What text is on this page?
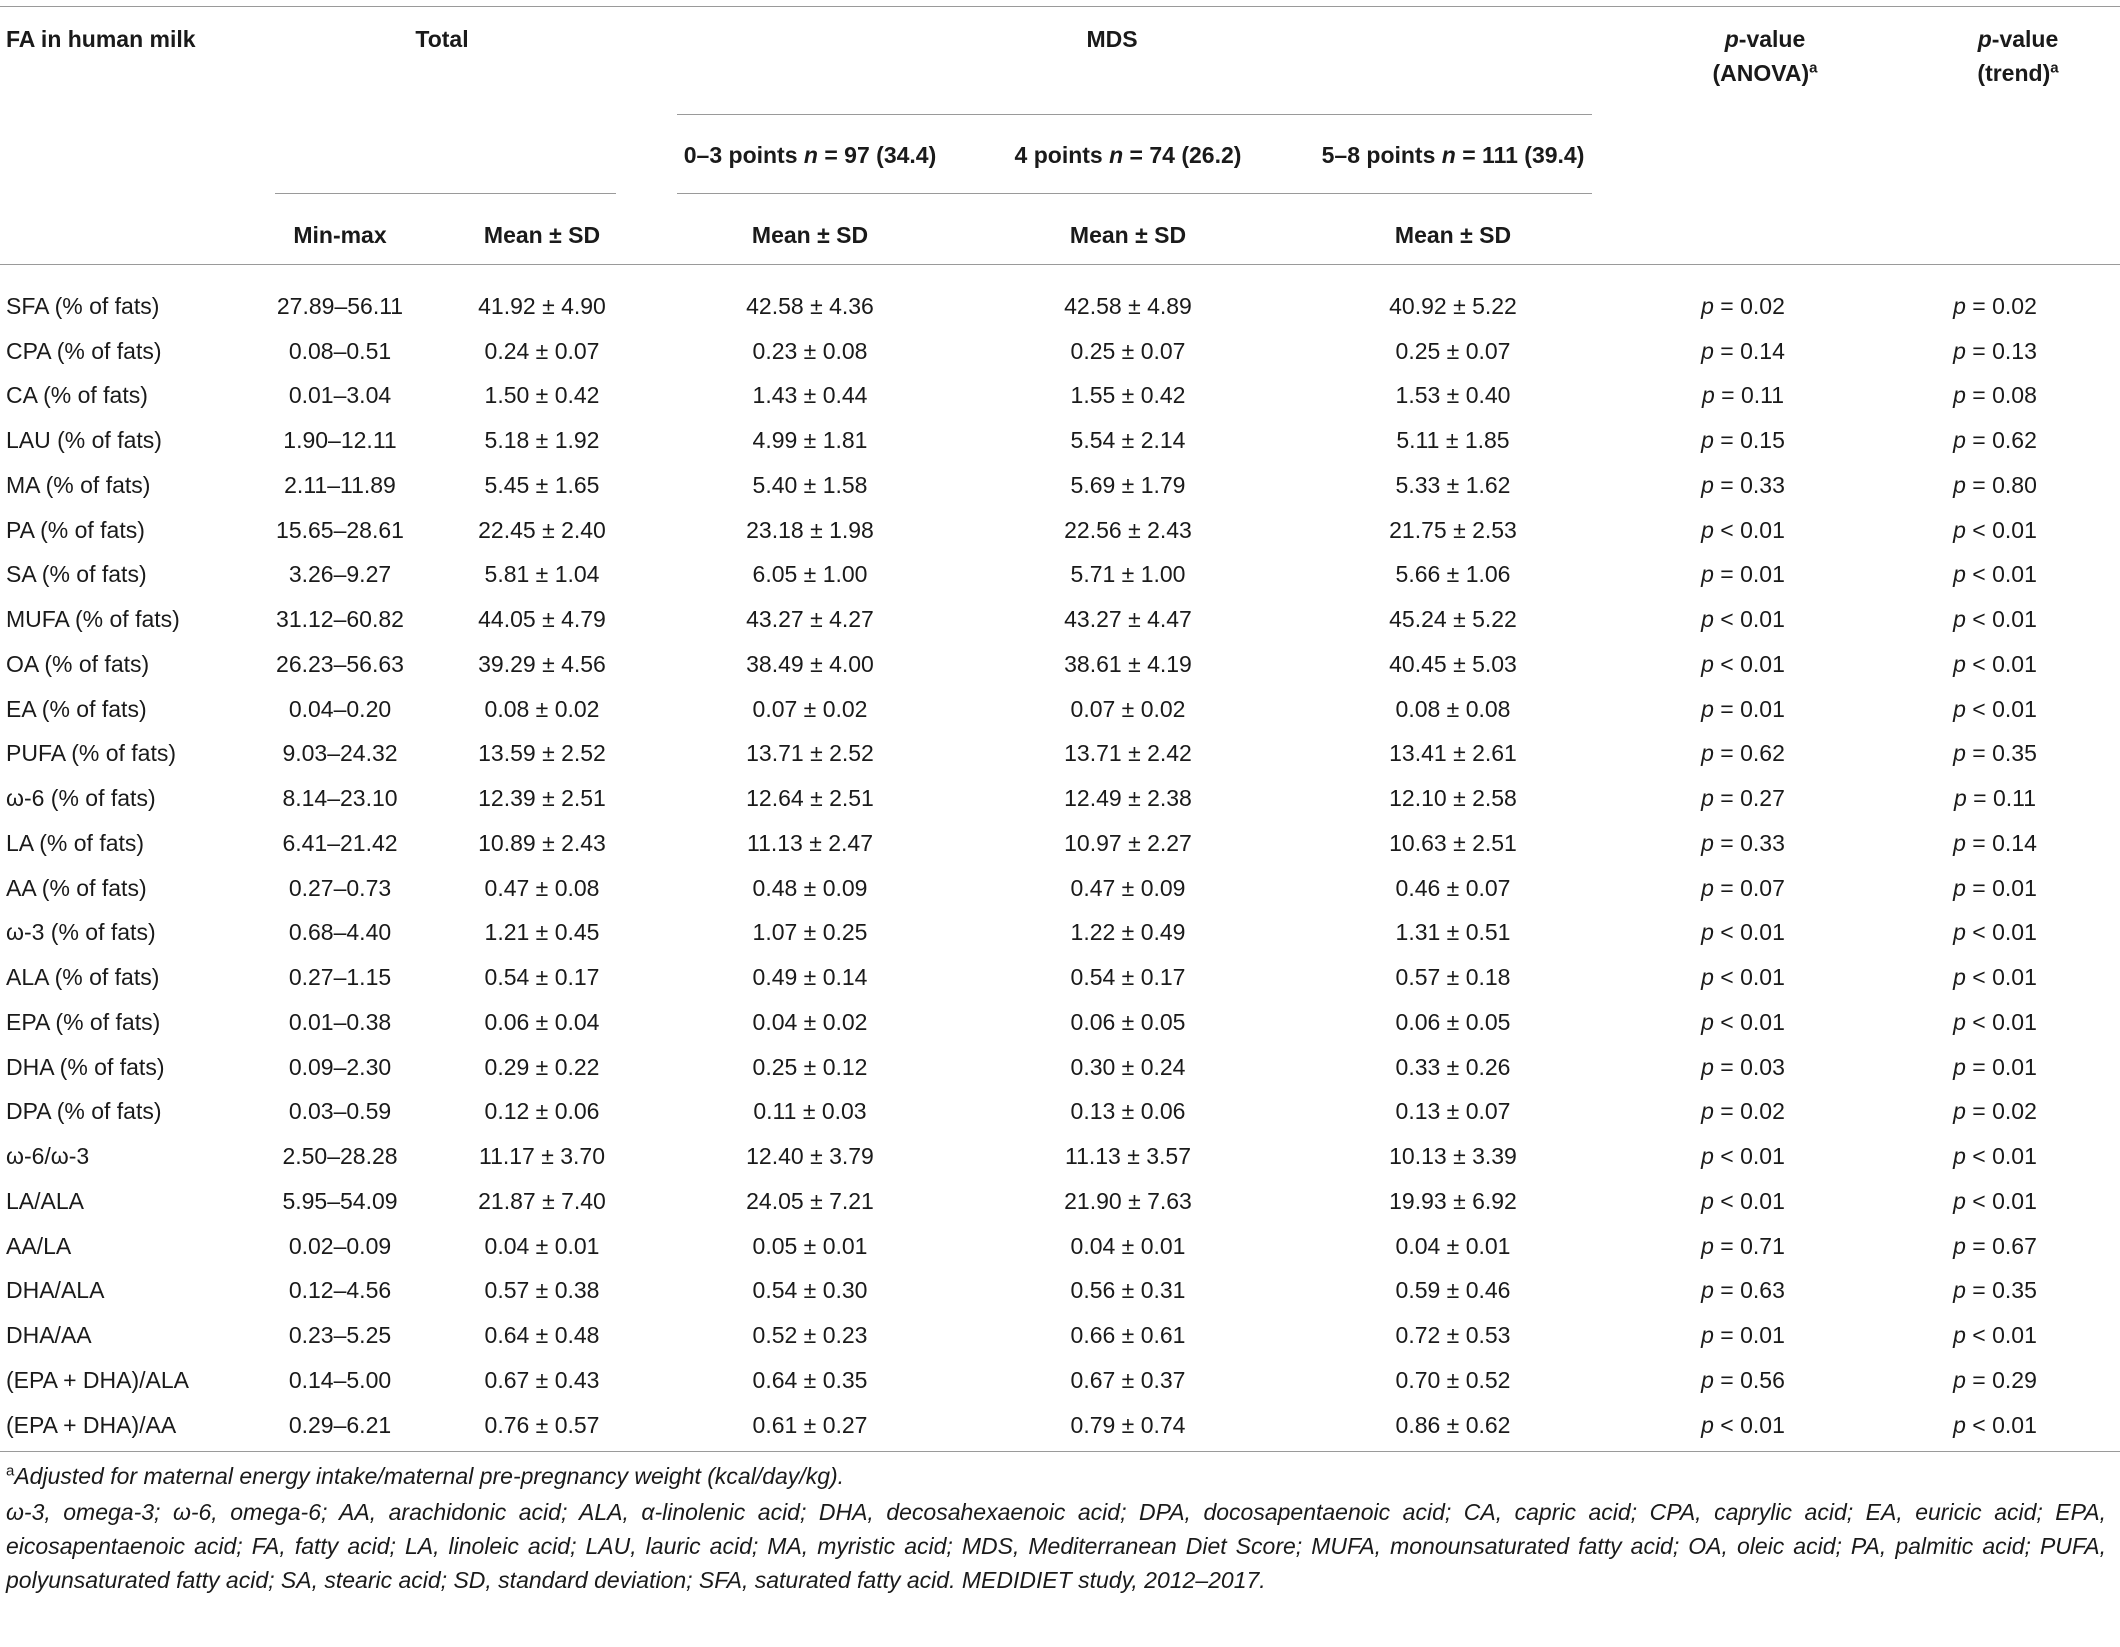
FA in human milk	Total	MDS	p-value
(ANOVA)$^a$
p-value
(trend)$^a$
0–3 points n = 97 (34.4)	4 points n = 74 (26.2)	5–8 points n = 111 (39.4)
Min-max	Mean ± SD	Mean ± SD	Mean ± SD	Mean ± SD
SFA (% of fats)	27.89–56.11	41.92 ± 4.90	42.58 ± 4.36	42.58 ± 4.89	40.92 ± 5.22	p = 0.02	p = 0.02
CPA (% of fats)	0.08–0.51	0.24 ± 0.07	0.23 ± 0.08	0.25 ± 0.07	0.25 ± 0.07	p = 0.14	p = 0.13
CA (% of fats)	0.01–3.04	1.50 ± 0.42	1.43 ± 0.44	1.55 ± 0.42	1.53 ± 0.40	p = 0.11	p = 0.08
LAU (% of fats)	1.90–12.11	5.18 ± 1.92	4.99 ± 1.81	5.54 ± 2.14	5.11 ± 1.85	p = 0.15	p = 0.62
MA (% of fats)	2.11–11.89	5.45 ± 1.65	5.40 ± 1.58	5.69 ± 1.79	5.33 ± 1.62	p = 0.33	p = 0.80
PA (% of fats)	15.65–28.61	22.45 ± 2.40	23.18 ± 1.98	22.56 ± 2.43	21.75 ± 2.53	p < 0.01	p < 0.01
SA (% of fats)	3.26–9.27	5.81 ± 1.04	6.05 ± 1.00	5.71 ± 1.00	5.66 ± 1.06	p = 0.01	p < 0.01
MUFA (% of fats)	31.12–60.82	44.05 ± 4.79	43.27 ± 4.27	43.27 ± 4.47	45.24 ± 5.22	p < 0.01	p < 0.01
OA (% of fats)	26.23–56.63	39.29 ± 4.56	38.49 ± 4.00	38.61 ± 4.19	40.45 ± 5.03	p < 0.01	p < 0.01
EA (% of fats)	0.04–0.20	0.08 ± 0.02	0.07 ± 0.02	0.07 ± 0.02	0.08 ± 0.08	p = 0.01	p < 0.01
PUFA (% of fats)	9.03–24.32	13.59 ± 2.52	13.71 ± 2.52	13.71 ± 2.42	13.41 ± 2.61	p = 0.62	p = 0.35
ω-6 (% of fats)	8.14–23.10	12.39 ± 2.51	12.64 ± 2.51	12.49 ± 2.38	12.10 ± 2.58	p = 0.27	p = 0.11
LA (% of fats)	6.41–21.42	10.89 ± 2.43	11.13 ± 2.47	10.97 ± 2.27	10.63 ± 2.51	p = 0.33	p = 0.14
AA (% of fats)	0.27–0.73	0.47 ± 0.08	0.48 ± 0.09	0.47 ± 0.09	0.46 ± 0.07	p = 0.07	p = 0.01
ω-3 (% of fats)	0.68–4.40	1.21 ± 0.45	1.07 ± 0.25	1.22 ± 0.49	1.31 ± 0.51	p < 0.01	p < 0.01
ALA (% of fats)	0.27–1.15	0.54 ± 0.17	0.49 ± 0.14	0.54 ± 0.17	0.57 ± 0.18	p < 0.01	p < 0.01
EPA (% of fats)	0.01–0.38	0.06 ± 0.04	0.04 ± 0.02	0.06 ± 0.05	0.06 ± 0.05	p < 0.01	p < 0.01
DHA (% of fats)	0.09–2.30	0.29 ± 0.22	0.25 ± 0.12	0.30 ± 0.24	0.33 ± 0.26	p = 0.03	p = 0.01
DPA (% of fats)	0.03–0.59	0.12 ± 0.06	0.11 ± 0.03	0.13 ± 0.06	0.13 ± 0.07	p = 0.02	p = 0.02
ω-6/ω-3	2.50–28.28	11.17 ± 3.70	12.40 ± 3.79	11.13 ± 3.57	10.13 ± 3.39	p < 0.01	p < 0.01
LA/ALA	5.95–54.09	21.87 ± 7.40	24.05 ± 7.21	21.90 ± 7.63	19.93 ± 6.92	p < 0.01	p < 0.01
AA/LA	0.02–0.09	0.04 ± 0.01	0.05 ± 0.01	0.04 ± 0.01	0.04 ± 0.01	p = 0.71	p = 0.67
DHA/ALA	0.12–4.56	0.57 ± 0.38	0.54 ± 0.30	0.56 ± 0.31	0.59 ± 0.46	p = 0.63	p = 0.35
DHA/AA	0.23–5.25	0.64 ± 0.48	0.52 ± 0.23	0.66 ± 0.61	0.72 ± 0.53	p = 0.01	p < 0.01
(EPA + DHA)/ALA	0.14–5.00	0.67 ± 0.43	0.64 ± 0.35	0.67 ± 0.37	0.70 ± 0.52	p = 0.56	p = 0.29
(EPA + DHA)/AA	0.29–6.21	0.76 ± 0.57	0.61 ± 0.27	0.79 ± 0.74	0.86 ± 0.62	p < 0.01	p < 0.01
$^a$Adjusted for maternal energy intake/maternal pre-pregnancy weight (kcal/day/kg).
ω-3, omega-3; ω-6, omega-6; AA, arachidonic acid; ALA, α-linolenic acid; DHA, decosahexaenoic acid; DPA, docosapentaenoic acid; CA, capric acid; CPA, caprylic acid; EA, euricic acid; EPA, eicosapentaenoic acid; FA, fatty acid; LA, linoleic acid; LAU, lauric acid; MA, myristic acid; MDS, Mediterranean Diet Score; MUFA, monounsaturated fatty acid; OA, oleic acid; PA, palmitic acid; PUFA, polyunsaturated fatty acid; SA, stearic acid; SD, standard deviation; SFA, saturated fatty acid. MEDIDIET study, 2012–2017.
